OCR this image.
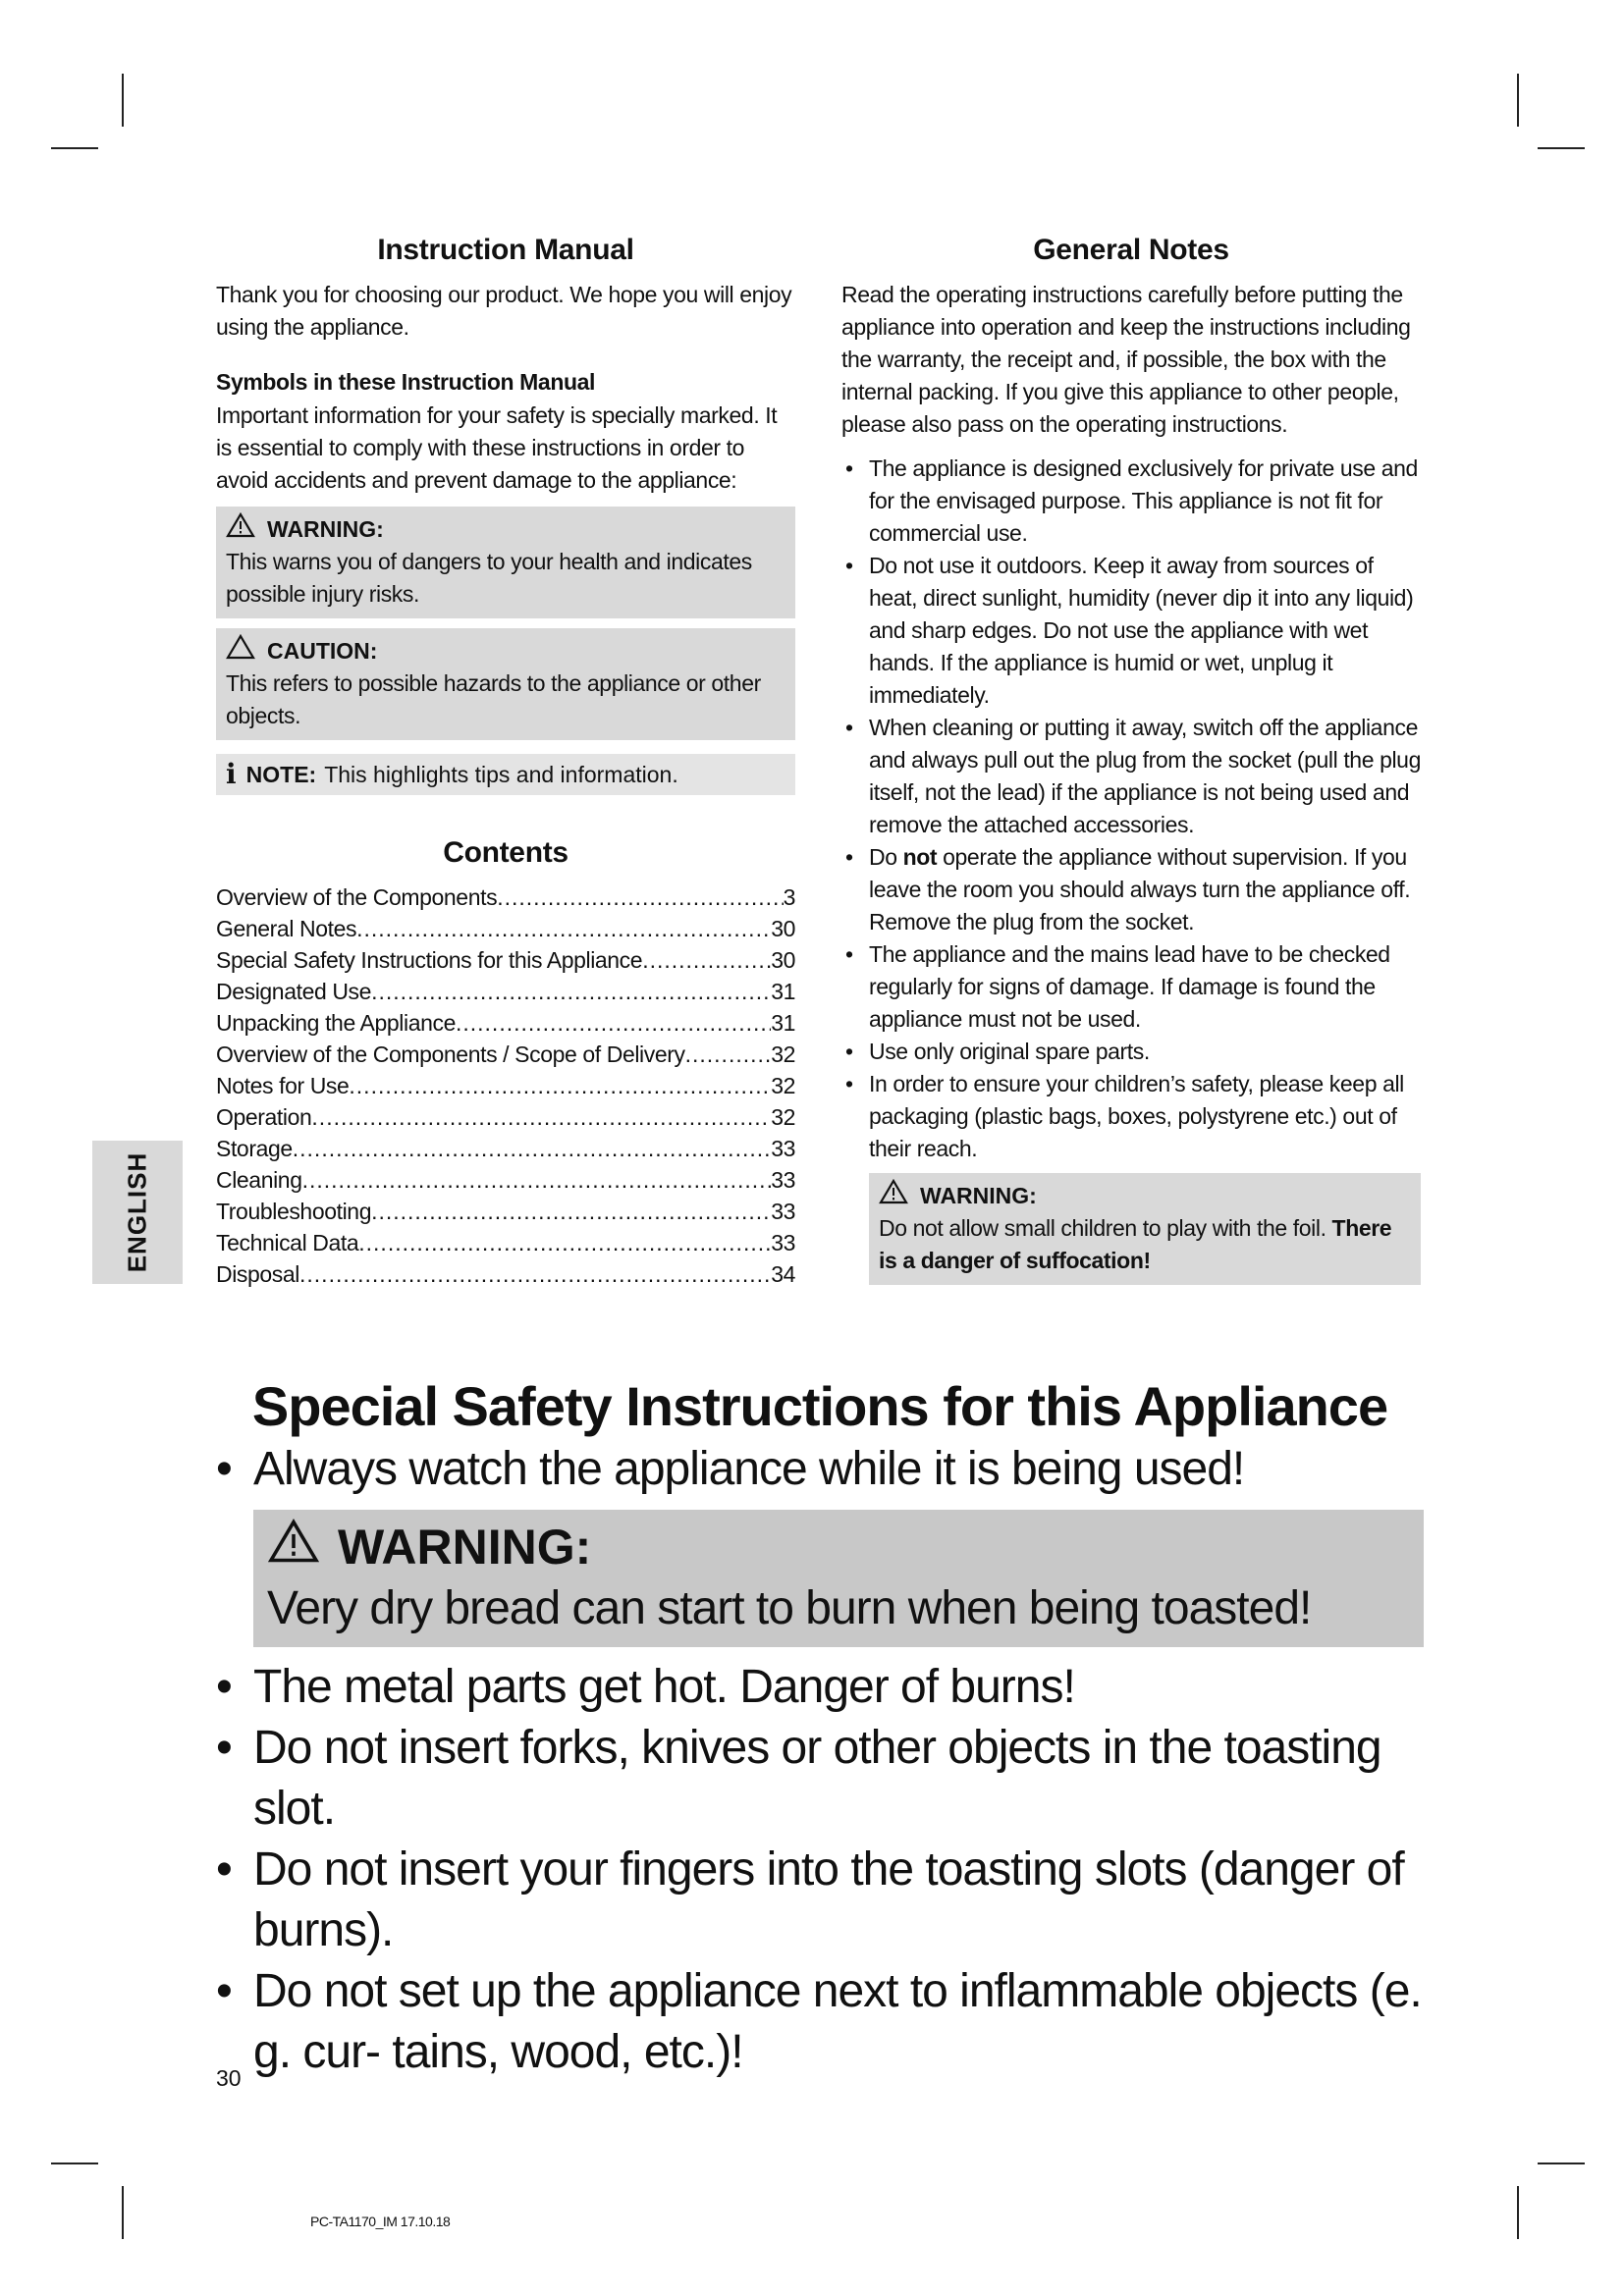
Instruction Manual

Thank you for choosing our product. We hope you will enjoy using the appliance.

Symbols in these Instruction Manual

Important information for your safety is specially marked. It is essential to comply with these instructions in order to avoid accidents and prevent damage to the appliance:

WARNING:
This warns you of dangers to your health and indicates possible injury risks.
CAUTION:
This refers to possible hazards to the appliance or other objects.
i NOTE: This highlights tips and information.
Contents
Overview of the Components .....	3
General Notes .....	30
Special Safety Instructions for this Appliance .....	30
Designated Use .....	31
Unpacking the Appliance .....	31
Overview of the Components / Scope of Delivery .....	32
Notes for Use .....	32
Operation .....	32
Storage .....	33
Cleaning .....	33
Troubleshooting .....	33
Technical Data .....	33
Disposal .....	34
ENGLISH
General Notes

Read the operating instructions carefully before putting the appliance into operation and keep the instructions including the warranty, the receipt and, if possible, the box with the internal packing. If you give this appliance to other people, please also pass on the operating instructions.

• The appliance is designed exclusively for private use and for the envisaged purpose. This appliance is not fit for commercial use.
• Do not use it outdoors. Keep it away from sources of heat, direct sunlight, humidity (never dip it into any liquid) and sharp edges. Do not use the appliance with wet hands. If the appliance is humid or wet, unplug it immediately.
• When cleaning or putting it away, switch off the appliance and always pull out the plug from the socket (pull the plug itself, not the lead) if the appliance is not being used and remove the attached accessories.
• Do not operate the appliance without supervision. If you leave the room you should always turn the appliance off. Remove the plug from the socket.
• The appliance and the mains lead have to be checked regularly for signs of damage. If damage is found the appliance must not be used.
• Use only original spare parts.
• In order to ensure your children’s safety, please keep all packaging (plastic bags, boxes, polystyrene etc.) out of their reach.
WARNING:
Do not allow small children to play with the foil. There is a danger of suffocation!
Special Safety Instructions for this Appliance
• Always watch the appliance while it is being used!
WARNING:
Very dry bread can start to burn when being toasted!
• The metal parts get hot. Danger of burns!
• Do not insert forks, knives or other objects in the toasting slot.
• Do not insert your fingers into the toasting slots (danger of burns).
• Do not set up the appliance next to inflammable objects (e. g. cur- tains, wood, etc.)!
30
PC-TA1170_IM 17.10.18
